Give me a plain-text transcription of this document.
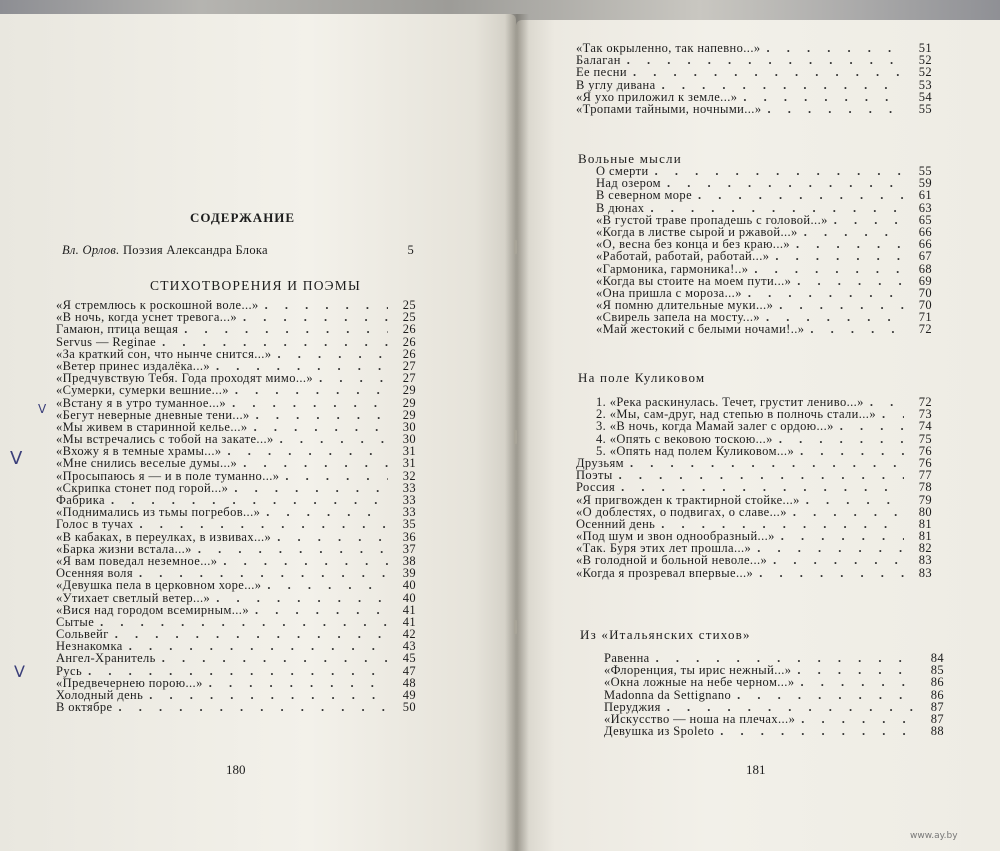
СОДЕРЖАНИЕ
Вл. Орлов. Поэзия Александра Блока	5
СТИХОТВОРЕНИЯ И ПОЭМЫ
«Я стремлюсь к роскошной воле...» . . .	25
«В ночь, когда уснет тревога...» . . .	25
Гамаюн, птица вещая . . .	26
Servus — Reginae . . .	26
«За краткий сон, что нынче снится...» . . .	26
«Ветер принес издалёка...» . . .	27
«Предчувствую Тебя. Года проходят мимо...» . . .	27
«Сумерки, сумерки вешние...» . . .	29
«Встану я в утро туманное...» . . .	29
«Бегут неверные дневные тени...» . . .	29
«Мы живем в старинной келье...» . . .	30
«Мы встречались с тобой на закате...» . . .	30
«Вхожу я в темные храмы...» . . .	31
«Мне снились веселые думы...» . . .	31
«Просыпаюсь я — и в поле туманно...» . . .	32
«Скрипка стонет под горой...» . . .	33
Фабрика . . .	33
«Поднимались из тьмы погребов...» . . .	33
Голос в тучах . . .	35
«В кабаках, в переулках, в извивах...» . . .	36
«Барка жизни встала...» . . .	37
«Я вам поведал неземное...» . . .	38
Осенняя воля . . .	39
«Девушка пела в церковном хоре...» . . .	40
«Утихает светлый ветер...» . . .	40
«Вися над городом всемирным...» . . .	41
Сытые . . .	41
Сольвейг . . .	42
Незнакомка . . .	43
Ангел-Хранитель . . .	45
Русь . . .	47
«Предвечернею порою...» . . .	48
Холодный день . . .	49
В октябре . . .	50
180
V
V
V
«Так окрыленно, так напевно...» . . .	51
Балаган . . .	52
Ее песни . . .	52
В углу дивана . . .	53
«Я ухо приложил к земле...» . . .	54
«Тропами тайными, ночными...» . . .	55
Вольные мысли
О смерти . . .	55
Над озером . . .	59
В северном море . . .	61
В дюнах . . .	63
«В густой траве пропадешь с головой...» . . .	65
«Когда в листве сырой и ржавой...» . . .	66
«О, весна без конца и без краю...» . . .	66
«Работай, работай, работай...» . . .	67
«Гармоника, гармоника!..» . . .	68
«Когда вы стоите на моем пути...» . . .	69
«Она пришла с мороза...» . . .	70
«Я помню длительные муки...» . . .	70
«Свирель запела на мосту...» . . .	71
«Май жестокий с белыми ночами!..» . . .	72
На поле Куликовом
1. «Река раскинулась. Течет, грустит лениво...» . . .	72
2. «Мы, сам-друг, над степью в полночь стали...» . . .	73
3. «В ночь, когда Мамай залег с ордою...» . . .	74
4. «Опять с вековою тоскою...» . . .	75
5. «Опять над полем Куликовом...» . . .	76
Друзьям . . .	76
Поэты . . .	77
Россия . . .	78
«Я пригвожден к трактирной стойке...» . . .	79
«О доблестях, о подвигах, о славе...» . . .	80
Осенний день . . .	81
«Под шум и звон однообразный...» . . .	81
«Так. Буря этих лет прошла...» . . .	82
«В голодной и больной неволе...» . . .	83
«Когда я прозревал впервые...» . . .	83
Из «Итальянских стихов»
Равенна . . .	84
«Флоренция, ты ирис нежный...» . . .	85
«Окна ложные на небе черном...» . . .	86
Madonna da Settignano . . .	86
Перуджия . . .	87
«Искусство — ноша на плечах...» . . .	87
Девушка из Spoleto . . .	88
181
www.ay.by
